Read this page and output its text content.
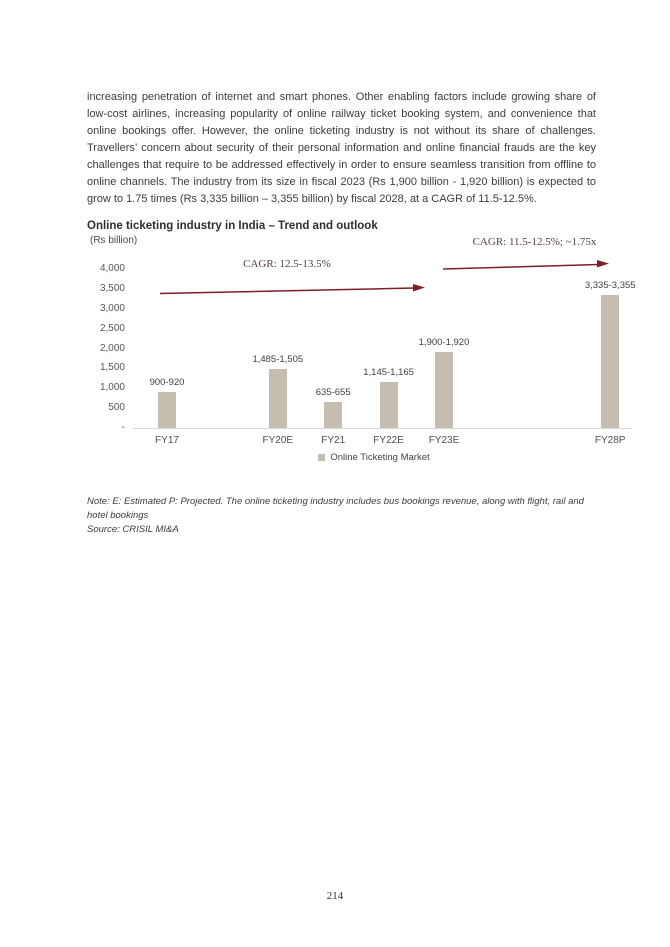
increasing penetration of internet and smart phones. Other enabling factors include growing share of low-cost airlines, increasing popularity of online railway ticket booking system, and convenience that online bookings offer. However, the online ticketing industry is not without its share of challenges. Travellers’ concern about security of their personal information and online financial frauds are the key challenges that require to be addressed effectively in order to ensure seamless transition from offline to online channels. The industry from its size in fiscal 2023 (Rs 1,900 billion - 1,920 billion) is expected to grow to 1.75 times (Rs 3,335 billion – 3,355 billion) by fiscal 2028, at a CAGR of 11.5-12.5%.

Online ticketing industry in India – Trend and outlook
(Rs billion)
4,000
3,500
3,000
2,500
2,000
1,500
1,000
500
-
900-920
FY17
1,485-1,505
FY20E
635-655
FY21
1,145-1,165
FY22E
1,900-1,920
FY23E
3,335-3,355
FY28P
CAGR: 12.5-13.5%
CAGR: 11.5-12.5%; ~1.75x
Online Ticketing Market

Note: E: Estimated P: Projected. The online ticketing industry includes bus bookings revenue, along with flight, rail and hotel bookings

Source: CRISIL MI&A

214
